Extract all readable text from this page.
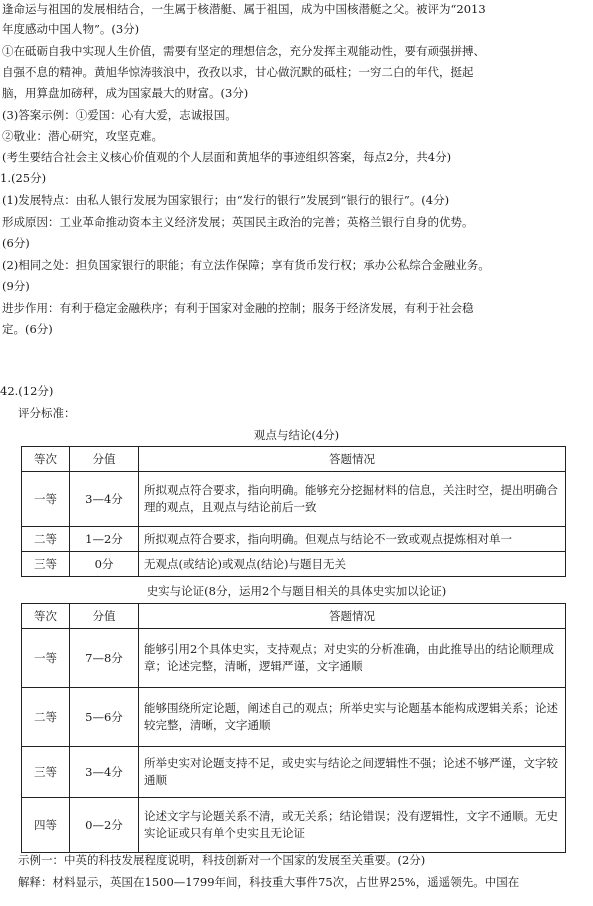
逢命运与祖国的发展相结合，一生属于核潜艇、属于祖国，成为中国核潜艇之父。被评为“2013
年度感动中国人物”。(3分)
①在砥砺自我中实现人生价值，需要有坚定的理想信念，充分发挥主观能动性，要有顽强拼搏、
自强不息的精神。黄旭华惊涛骇浪中，孜孜以求，甘心做沉默的砥柱；一穷二白的年代，挺起
脑，用算盘加磅秤，成为国家最大的财富。(3分)
(3)答案示例：①爱国：心有大爱，志诚报国。
②敬业：潜心研究，攻坚克难。
(考生要结合社会主义核心价值观的个人层面和黄旭华的事迹组织答案，每点2分，共4分)
1.(25分)
(1)发展特点：由私人银行发展为国家银行；由“发行的银行”发展到“银行的银行”。(4分)
形成原因：工业革命推动资本主义经济发展；英国民主政治的完善；英格兰银行自身的优势。
(6分)
(2)相同之处：担负国家银行的职能；有立法作保障；享有货币发行权；承办公私综合金融业务。
(9分)
进步作用：有利于稳定金融秩序；有利于国家对金融的控制；服务于经济发展，有利于社会稳
定。(6分)
42.(12分)
评分标准：
观点与结论(4分)
等次	分值	答题情况
一等	3—4分	所拟观点符合要求，指向明确。能够充分挖掘材料的信息，关注时空，提出明确合理的观点，且观点与结论前后一致
二等	1—2分	所拟观点符合要求，指向明确。但观点与结论不一致或观点提炼相对单一
三等	0分	无观点(或结论)或观点(结论)与题目无关
史实与论证(8分，运用2个与题目相关的具体史实加以论证)
等次	分值	答题情况
一等	7—8分	能够引用2个具体史实，支持观点；对史实的分析准确，由此推导出的结论顺理成章；论述完整，清晰，逻辑严谨，文字通顺
二等	5—6分	能够围绕所定论题，阐述自己的观点；所举史实与论题基本能构成逻辑关系；论述较完整，清晰，文字通顺
三等	3—4分	所举史实对论题支持不足，或史实与结论之间逻辑性不强；论述不够严谨，文字较通顺
四等	0—2分	论述文字与论题关系不清，或无关系；结论错误；没有逻辑性，文字不通顺。无史实论证或只有单个史实且无论证
示例一：中英的科技发展程度说明，科技创新对一个国家的发展至关重要。(2分)
解释：材料显示，英国在1500—1799年间，科技重大事件75次，占世界25%，遥遥领先。中国在
